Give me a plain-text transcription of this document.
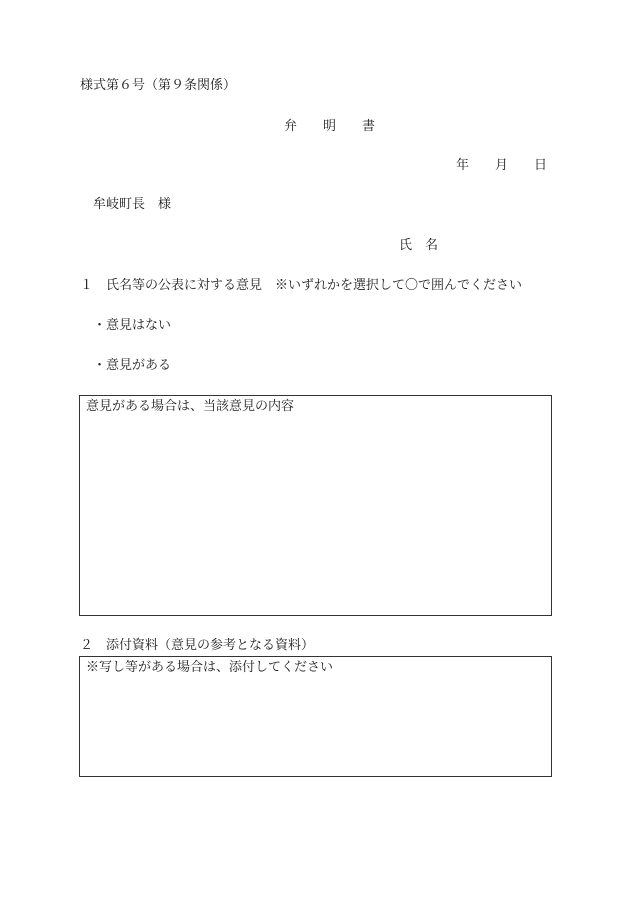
様式第６号（第９条関係）
弁　明　書
年 月 日
牟岐町長　様
氏　名
１　氏名等の公表に対する意見　※いずれかを選択して〇で囲んでください
・意見はない
・意見がある
意見がある場合は、当該意見の内容
２　添付資料（意見の参考となる資料）
※写し等がある場合は、添付してください
